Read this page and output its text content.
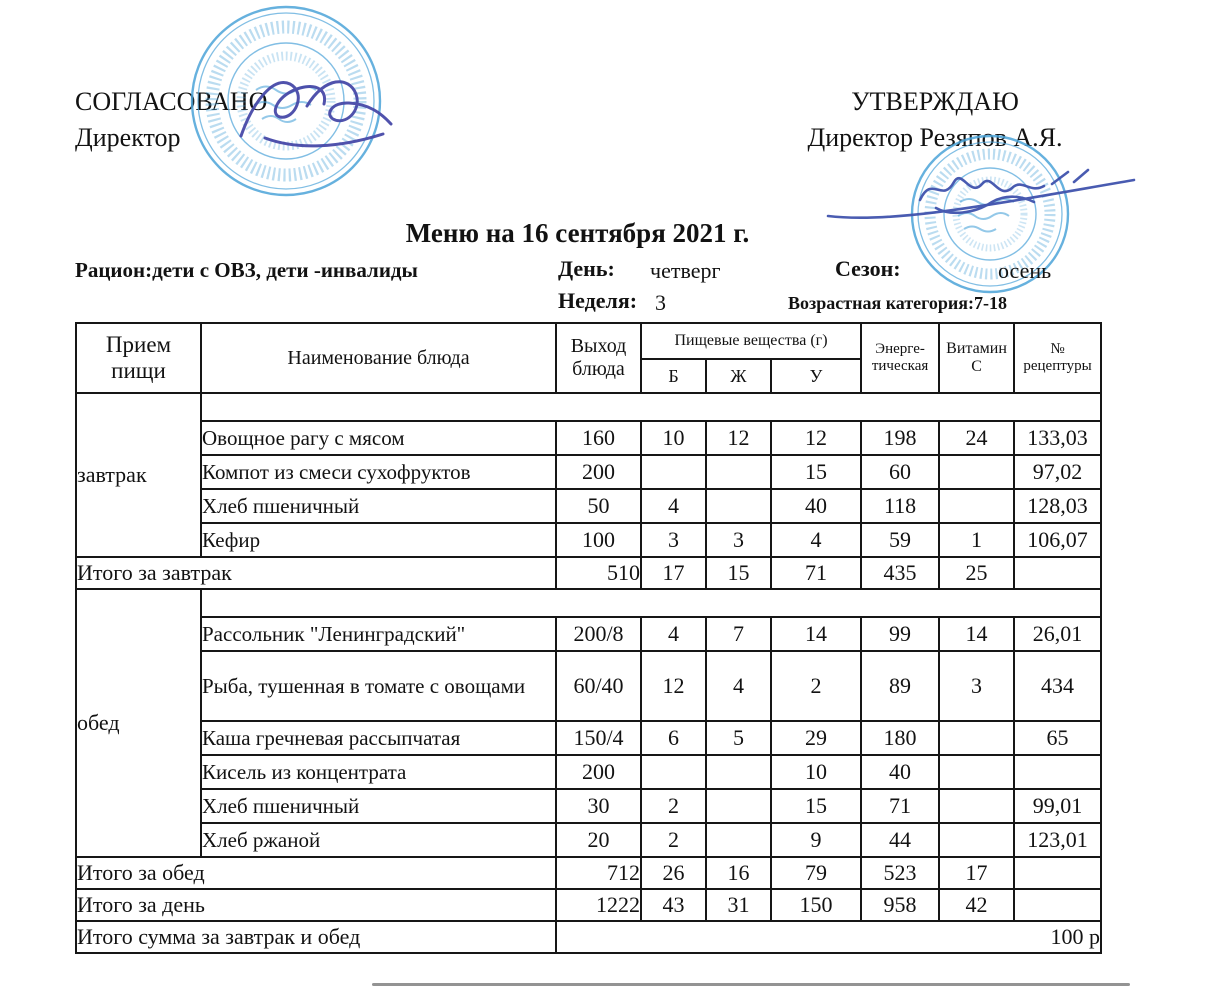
СОГЛАСОВАНО
Директор
УТВЕРЖДАЮ
Директор Резяпов А.Я.
Меню на 16 сентября 2021 г.
Рацион:дети с ОВЗ, дети -инвалиды	День: четверг	Сезон:	осень
Неделя: 3	Возрастная категория:7-18
Прием пищи	Наименование блюда	Выход блюда	Пищевые вещества (г)			Энерге-тическая	Витамин С	№ рецептуры
			Б	Ж	У			
завтрак								
	Овощное рагу с мясом	160	10	12	12	198	24	133,03
	Компот из смеси сухофруктов	200			15	60		97,02
	Хлеб пшеничный	50	4		40	118		128,03
	Кефир	100	3	3	4	59	1	106,07
Итого за завтрак		510	17	15	71	435	25	
обед								
	Рассольник "Ленинградский"	200/8	4	7	14	99	14	26,01
	Рыба, тушенная в томате с овощами	60/40	12	4	2	89	3	434
	Каша гречневая рассыпчатая	150/4	6	5	29	180		65
	Кисель из концентрата	200			10	40		
	Хлеб пшеничный	30	2		15	71		99,01
	Хлеб ржаной	20	2		9	44		123,01
Итого за обед		712	26	16	79	523	17	
Итого за день		1222	43	31	150	958	42	
Итого сумма за завтрак и обед		100 р						
